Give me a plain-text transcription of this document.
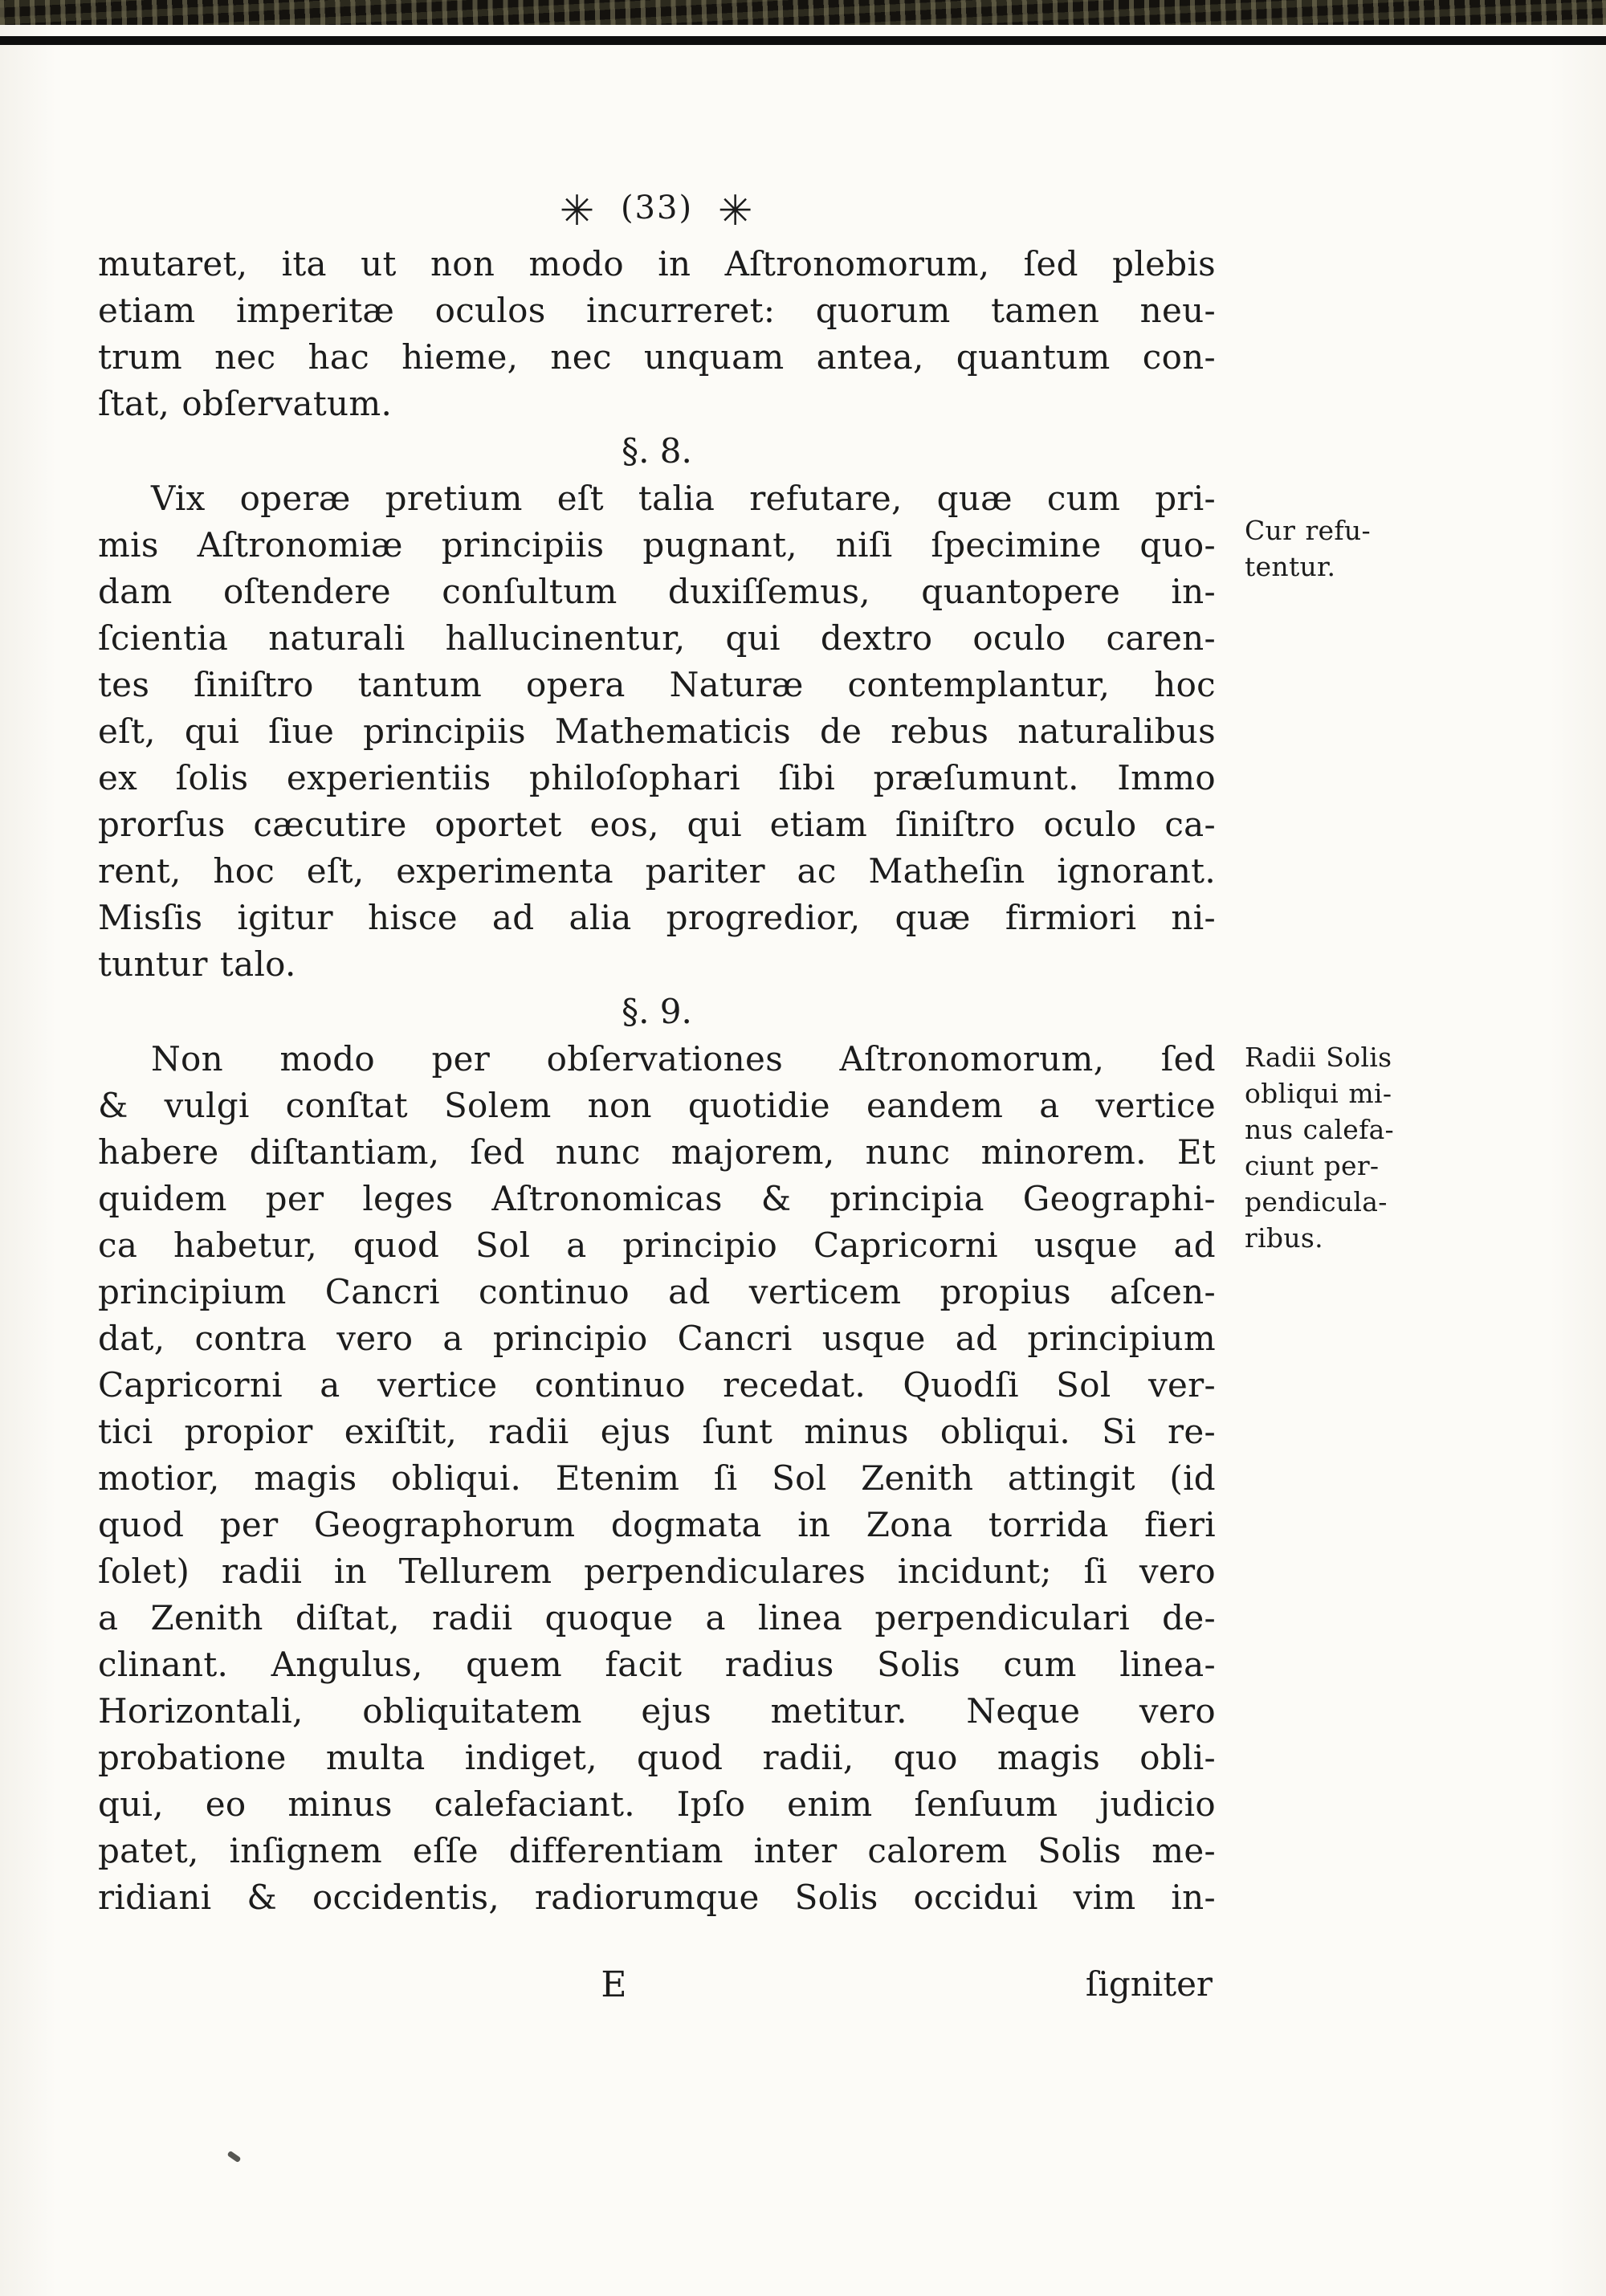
✳ (33) ✳
mutaret, ita ut non modo in Aſtronomorum, ſed plebis
etiam imperitæ oculos incurreret: quorum tamen neu-
trum nec hac hieme, nec unquam antea, quantum con-
ſtat, obſervatum.
§. 8.
Cur refu-
tentur.
Vix operæ pretium eſt talia refutare, quæ cum pri-
mis Aſtronomiæ principiis pugnant, niſi ſpecimine quo-
dam oſtendere conſultum duxiſſemus, quantopere in-
ſcientia naturali hallucinentur, qui dextro oculo caren-
tes ſiniſtro tantum opera Naturæ contemplantur, hoc
eſt, qui ſiue principiis Mathematicis de rebus naturalibus
ex ſolis experientiis philoſophari ſibi præſumunt. Immo
prorſus cæcutire oportet eos, qui etiam ſiniſtro oculo ca-
rent, hoc eſt, experimenta pariter ac Matheſin ignorant.
Misſis igitur hisce ad alia progredior, quæ firmiori ni-
tuntur talo.
§. 9.
Radii Solis
obliqui mi-
nus calefa-
ciunt per-
pendicula-
ribus.
Non modo per obſervationes Aſtronomorum, ſed
& vulgi conſtat Solem non quotidie eandem a vertice
habere diſtantiam, ſed nunc majorem, nunc minorem. Et
quidem per leges Aſtronomicas & principia Geographi-
ca habetur, quod Sol a principio Capricorni usque ad
principium Cancri continuo ad verticem propius aſcen-
dat, contra vero a principio Cancri usque ad principium
Capricorni a vertice continuo recedat. Quodſi Sol ver-
tici propior exiſtit, radii ejus ſunt minus obliqui. Si re-
motior, magis obliqui. Etenim ſi Sol Zenith attingit (id
quod per Geographorum dogmata in Zona torrida fieri
ſolet) radii in Tellurem perpendiculares incidunt; ſi vero
a Zenith diſtat, radii quoque a linea perpendiculari de-
clinant. Angulus, quem facit radius Solis cum linea-
Horizontali, obliquitatem ejus metitur. Neque vero
probatione multa indiget, quod radii, quo magis obli-
qui, eo minus calefaciant. Ipſo enim ſenſuum judicio
patet, inſignem eſſe differentiam inter calorem Solis me-
ridiani & occidentis, radiorumque Solis occidui vim in-
E	ſigniter
